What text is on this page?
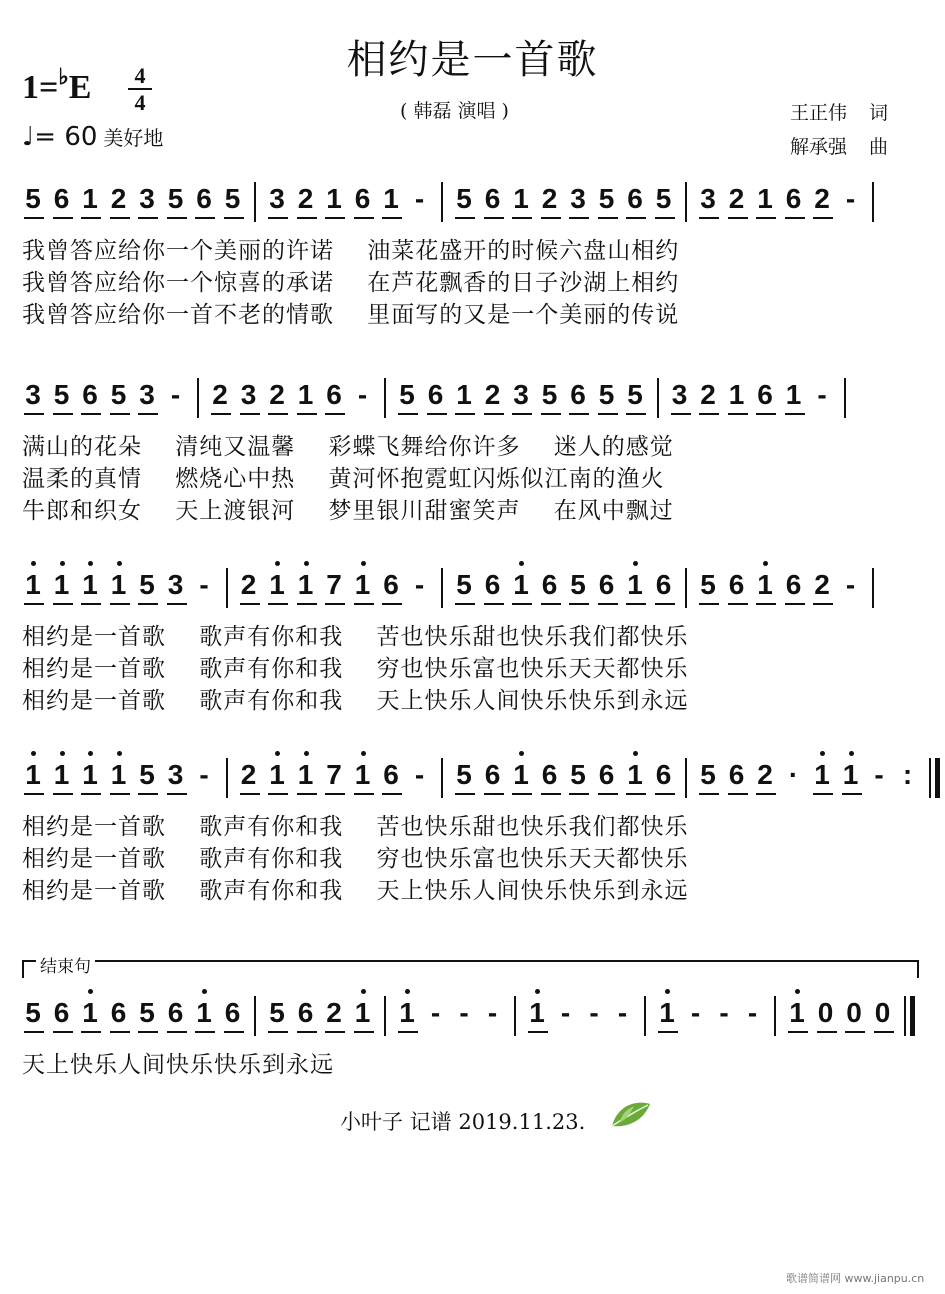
相约是一首歌
1=♭E 4
4
♩= 60 美好地
( 韩磊 演唱 )	王正伟 词
解承强 曲
5 6 1 2 3 5 6 5 3 2 1 6 1 - 5 6 1 2 3 5 6 5 3 2 1 6 2 -
我曾答应给你一个美丽的许诺    油菜花盛开的时候六盘山相约
我曾答应给你一个惊喜的承诺    在芦花飘香的日子沙湖上相约
我曾答应给你一首不老的情歌    里面写的又是一个美丽的传说
3 5 6 5 3 - 2 3 2 1 6 - 5 6 1 2 3 5 6 5 5 3 2 1 6 1 -
满山的花朵    清纯又温馨    彩蝶飞舞给你许多    迷人的感觉
温柔的真情    燃烧心中热    黄河怀抱霓虹闪烁似江南的渔火
牛郎和织女    天上渡银河    梦里银川甜蜜笑声    在风中飘过
1 1 1 1 5 3 - 2 1 1 7 1 6 - 5 6 1 6 5 6 1 6 5 6 1 6 2 -
相约是一首歌    歌声有你和我    苦也快乐甜也快乐我们都快乐
相约是一首歌    歌声有你和我    穷也快乐富也快乐天天都快乐
相约是一首歌    歌声有你和我    天上快乐人间快乐快乐到永远
1 1 1 1 5 3 - 2 1 1 7 1 6 - 5 6 1 6 5 6 1 6 5 6 2 · 1 1 - :
相约是一首歌    歌声有你和我    苦也快乐甜也快乐我们都快乐
相约是一首歌    歌声有你和我    穷也快乐富也快乐天天都快乐
相约是一首歌    歌声有你和我    天上快乐人间快乐快乐到永远
结束句
5 6 1 6 5 6 1 6 5 6 2 1 1 - - - 1 - - - 1 - - - 1 0 0 0
天上快乐人间快乐快乐到永远
小叶子 记谱 2019.11.23.
歌谱简谱网 www.jianpu.cn
